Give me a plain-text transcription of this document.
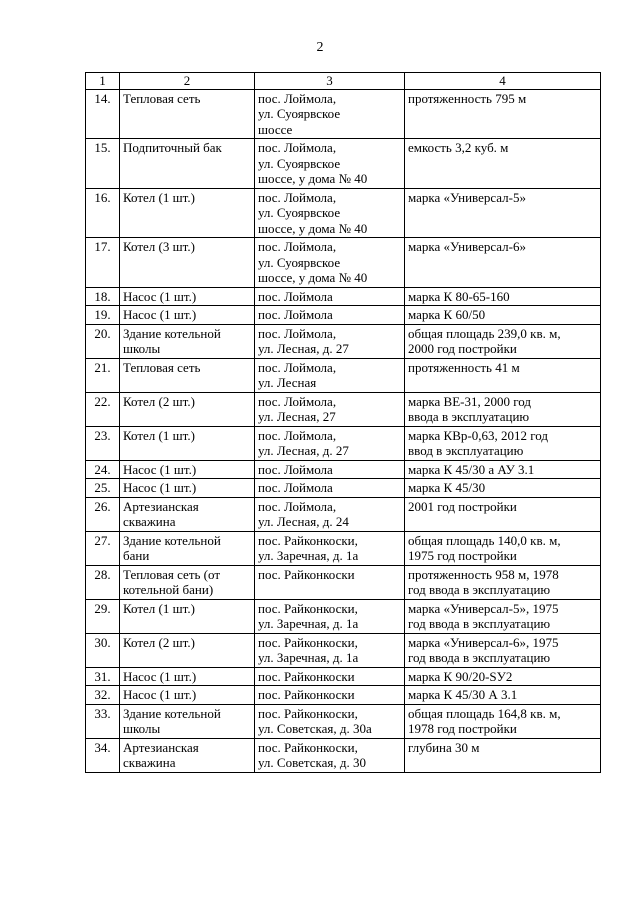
2
1	2	3	4
14.	Тепловая сеть	пос. Лоймола,
ул. Суоярвское
шоссе	протяженность 795 м

15.	Подпиточный бак	пос. Лоймола,
ул. Суоярвское
шоссе, у дома № 40	емкость 3,2 куб. м

16.	Котел (1 шт.)	пос. Лоймола,
ул. Суоярвское
шоссе, у дома № 40	марка «Универсал-5»

17.	Котел (3 шт.)	пос. Лоймола,
ул. Суоярвское
шоссе, у дома № 40	марка «Универсал-6»

18.	Насос (1 шт.)	пос. Лоймола	марка К 80-65-160

19.	Насос (1 шт.)	пос. Лоймола	марка К 60/50

20.	Здание котельной
школы	пос. Лоймола,
ул. Лесная, д. 27	общая площадь 239,0 кв. м,
2000 год постройки

21.	Тепловая сеть	пос. Лоймола,
ул. Лесная	протяженность 41 м

22.	Котел (2 шт.)	пос. Лоймола,
ул. Лесная, 27	марка ВЕ-31, 2000 год
ввода в эксплуатацию

23.	Котел (1 шт.)	пос. Лоймола,
ул. Лесная, д. 27	марка КВр-0,63, 2012 год
ввод в эксплуатацию

24.	Насос (1 шт.)	пос. Лоймола	марка К 45/30 а АУ 3.1

25.	Насос (1 шт.)	пос. Лоймола	марка К 45/30

26.	Артезианская
скважина	пос. Лоймола,
ул. Лесная, д. 24	2001 год постройки

27.	Здание котельной
бани	пос. Райконкоски,
ул. Заречная, д. 1а	общая площадь 140,0 кв. м,
1975 год постройки

28.	Тепловая сеть (от
котельной бани)	пос. Райконкоски	протяженность 958 м, 1978
год ввода в эксплуатацию

29.	Котел (1 шт.)	пос. Райконкоски,
ул. Заречная, д. 1а	марка «Универсал-5», 1975
год ввода в эксплуатацию

30.	Котел (2 шт.)	пос. Райконкоски,
ул. Заречная, д. 1а	марка «Универсал-6», 1975
год ввода в эксплуатацию

31.	Насос (1 шт.)	пос. Райконкоски	марка К 90/20-SУ2

32.	Насос (1 шт.)	пос. Райконкоски	марка К 45/30 А 3.1

33.	Здание котельной
школы	пос. Райконкоски,
ул. Советская, д. 30а	общая площадь 164,8 кв. м,
1978 год постройки

34.	Артезианская
скважина	пос. Райконкоски,
ул. Советская, д. 30	глубина 30 м
